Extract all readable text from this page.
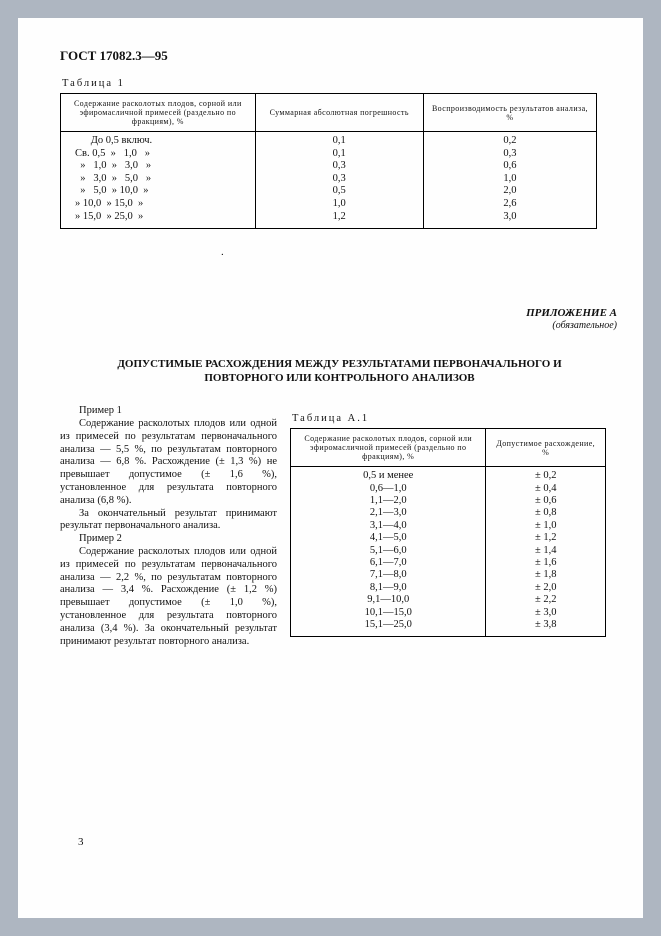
ГОСТ 17082.3—95
Таблица 1
Содержание расколотых плодов, сорной или эфиромасличной примесей (раздельно по фракциям), %	Суммарная абсолютная погрешность	Воспроизводимость результатов анализа, %
До 0,5 включ.	0,1	0,2
Св. 0,5  »   1,0   »	0,1	0,3
»   1,0  »   3,0   »	0,3	0,6
»   3,0  »   5,0   »	0,3	1,0
»   5,0  » 10,0  »	0,5	2,0
» 10,0  » 15,0  »	1,0	2,6
» 15,0  » 25,0  »	1,2	3,0
ПРИЛОЖЕНИЕ А
(обязательное)
ДОПУСТИМЫЕ РАСХОЖДЕНИЯ МЕЖДУ РЕЗУЛЬТАТАМИ ПЕРВОНАЧАЛЬНОГО И ПОВТОРНОГО ИЛИ КОНТРОЛЬНОГО АНАЛИЗОВ

Пример 1

Содержание расколотых плодов или одной из примесей по результатам первоначального анализа — 5,5 %, по результатам повторного анализа — 6,8 %. Расхождение (± 1,3 %) не превышает допустимое (± 1,6 %), установленное для результата повторного анализа (6,8 %).

За окончательный результат принимают результат первоначального анализа.

Пример 2

Содержание расколотых плодов или одной из примесей по результатам первоначального анализа — 2,2 %, по результатам повторного анализа — 3,4 %. Расхождение (± 1,2 %) превышает допустимое (± 1,0 %), установленное для результата повторного анализа (3,4 %). За окончательный результат принимают результат повторного анализа.

Таблица А.1
Содержание расколотых плодов, сорной или эфиромасличной примесей (раздельно по фракциям), %	Допустимое расхождение, %
0,5 и менее	± 0,2
0,6—1,0	± 0,4
1,1—2,0	± 0,6
2,1—3,0	± 0,8
3,1—4,0	± 1,0
4,1—5,0	± 1,2
5,1—6,0	± 1,4
6,1—7,0	± 1,6
7,1—8,0	± 1,8
8,1—9,0	± 2,0
9,1—10,0	± 2,2
10,1—15,0	± 3,0
15,1—25,0	± 3,8
.
3
